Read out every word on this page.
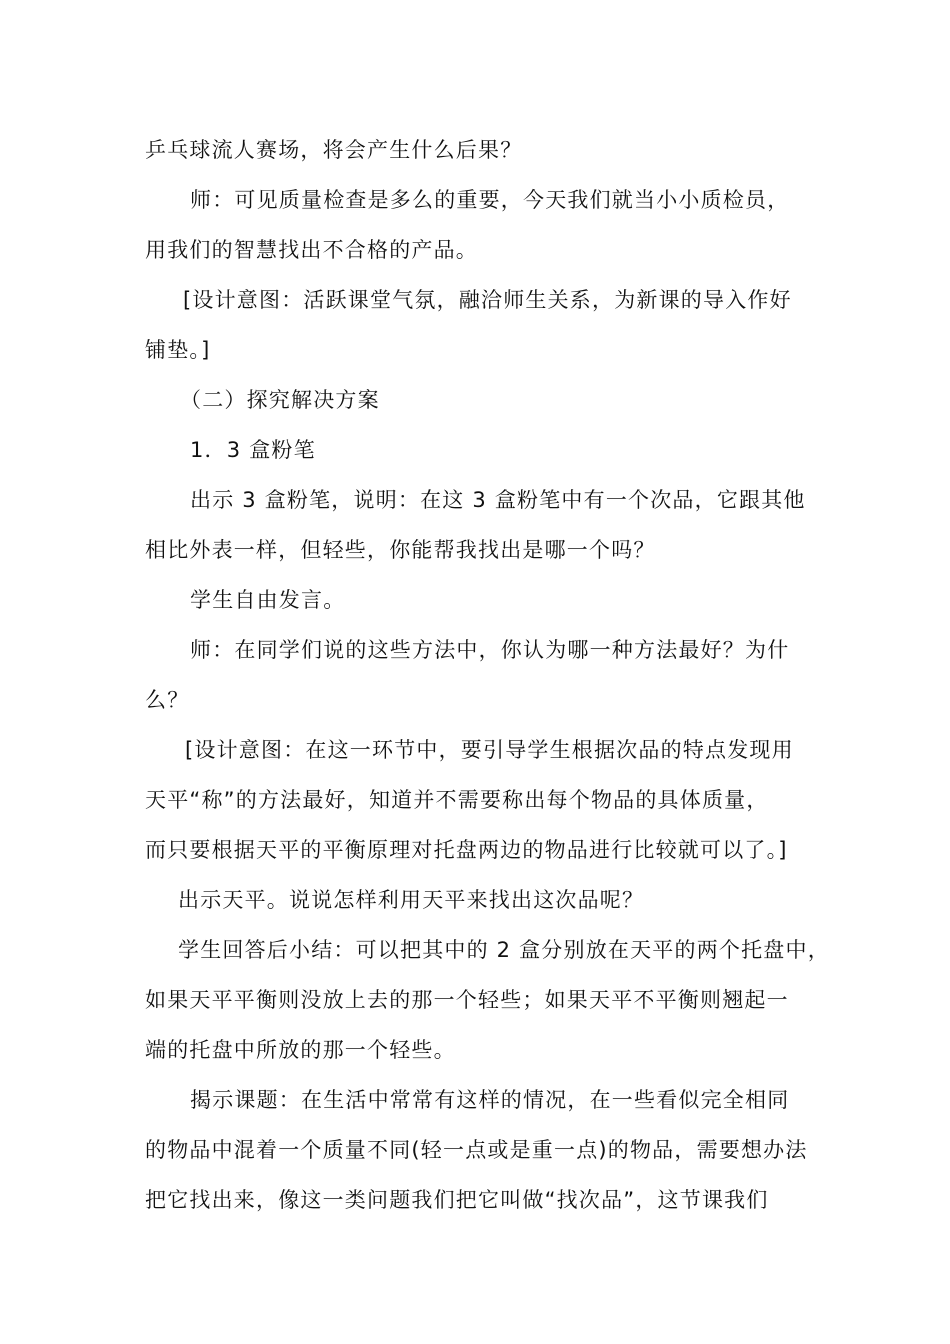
乒乓球流人赛场，将会产生什么后果？
师：可见质量检查是多么的重要，今天我们就当小小质检员，
用我们的智慧找出不合格的产品。
[设计意图：活跃课堂气氛，融洽师生关系，为新课的导入作好
铺垫。]
（二）探究解决方案
1．3 盒粉笔
出示 3 盒粉笔，说明：在这 3 盒粉笔中有一个次品，它跟其他
相比外表一样，但轻些，你能帮我找出是哪一个吗？
学生自由发言。
师：在同学们说的这些方法中，你认为哪一种方法最好？为什
么？
[设计意图：在这一环节中，要引导学生根据次品的特点发现用
天平“称”的方法最好，知道并不需要称出每个物品的具体质量，
而只要根据天平的平衡原理对托盘两边的物品进行比较就可以了。]
出示天平。说说怎样利用天平来找出这次品呢？
学生回答后小结：可以把其中的 2 盒分别放在天平的两个托盘中，
如果天平平衡则没放上去的那一个轻些；如果天平不平衡则翘起一
端的托盘中所放的那一个轻些。
揭示课题：在生活中常常有这样的情况，在一些看似完全相同
的物品中混着一个质量不同(轻一点或是重一点)的物品，需要想办法
把它找出来，像这一类问题我们把它叫做“找次品”，这节课我们
